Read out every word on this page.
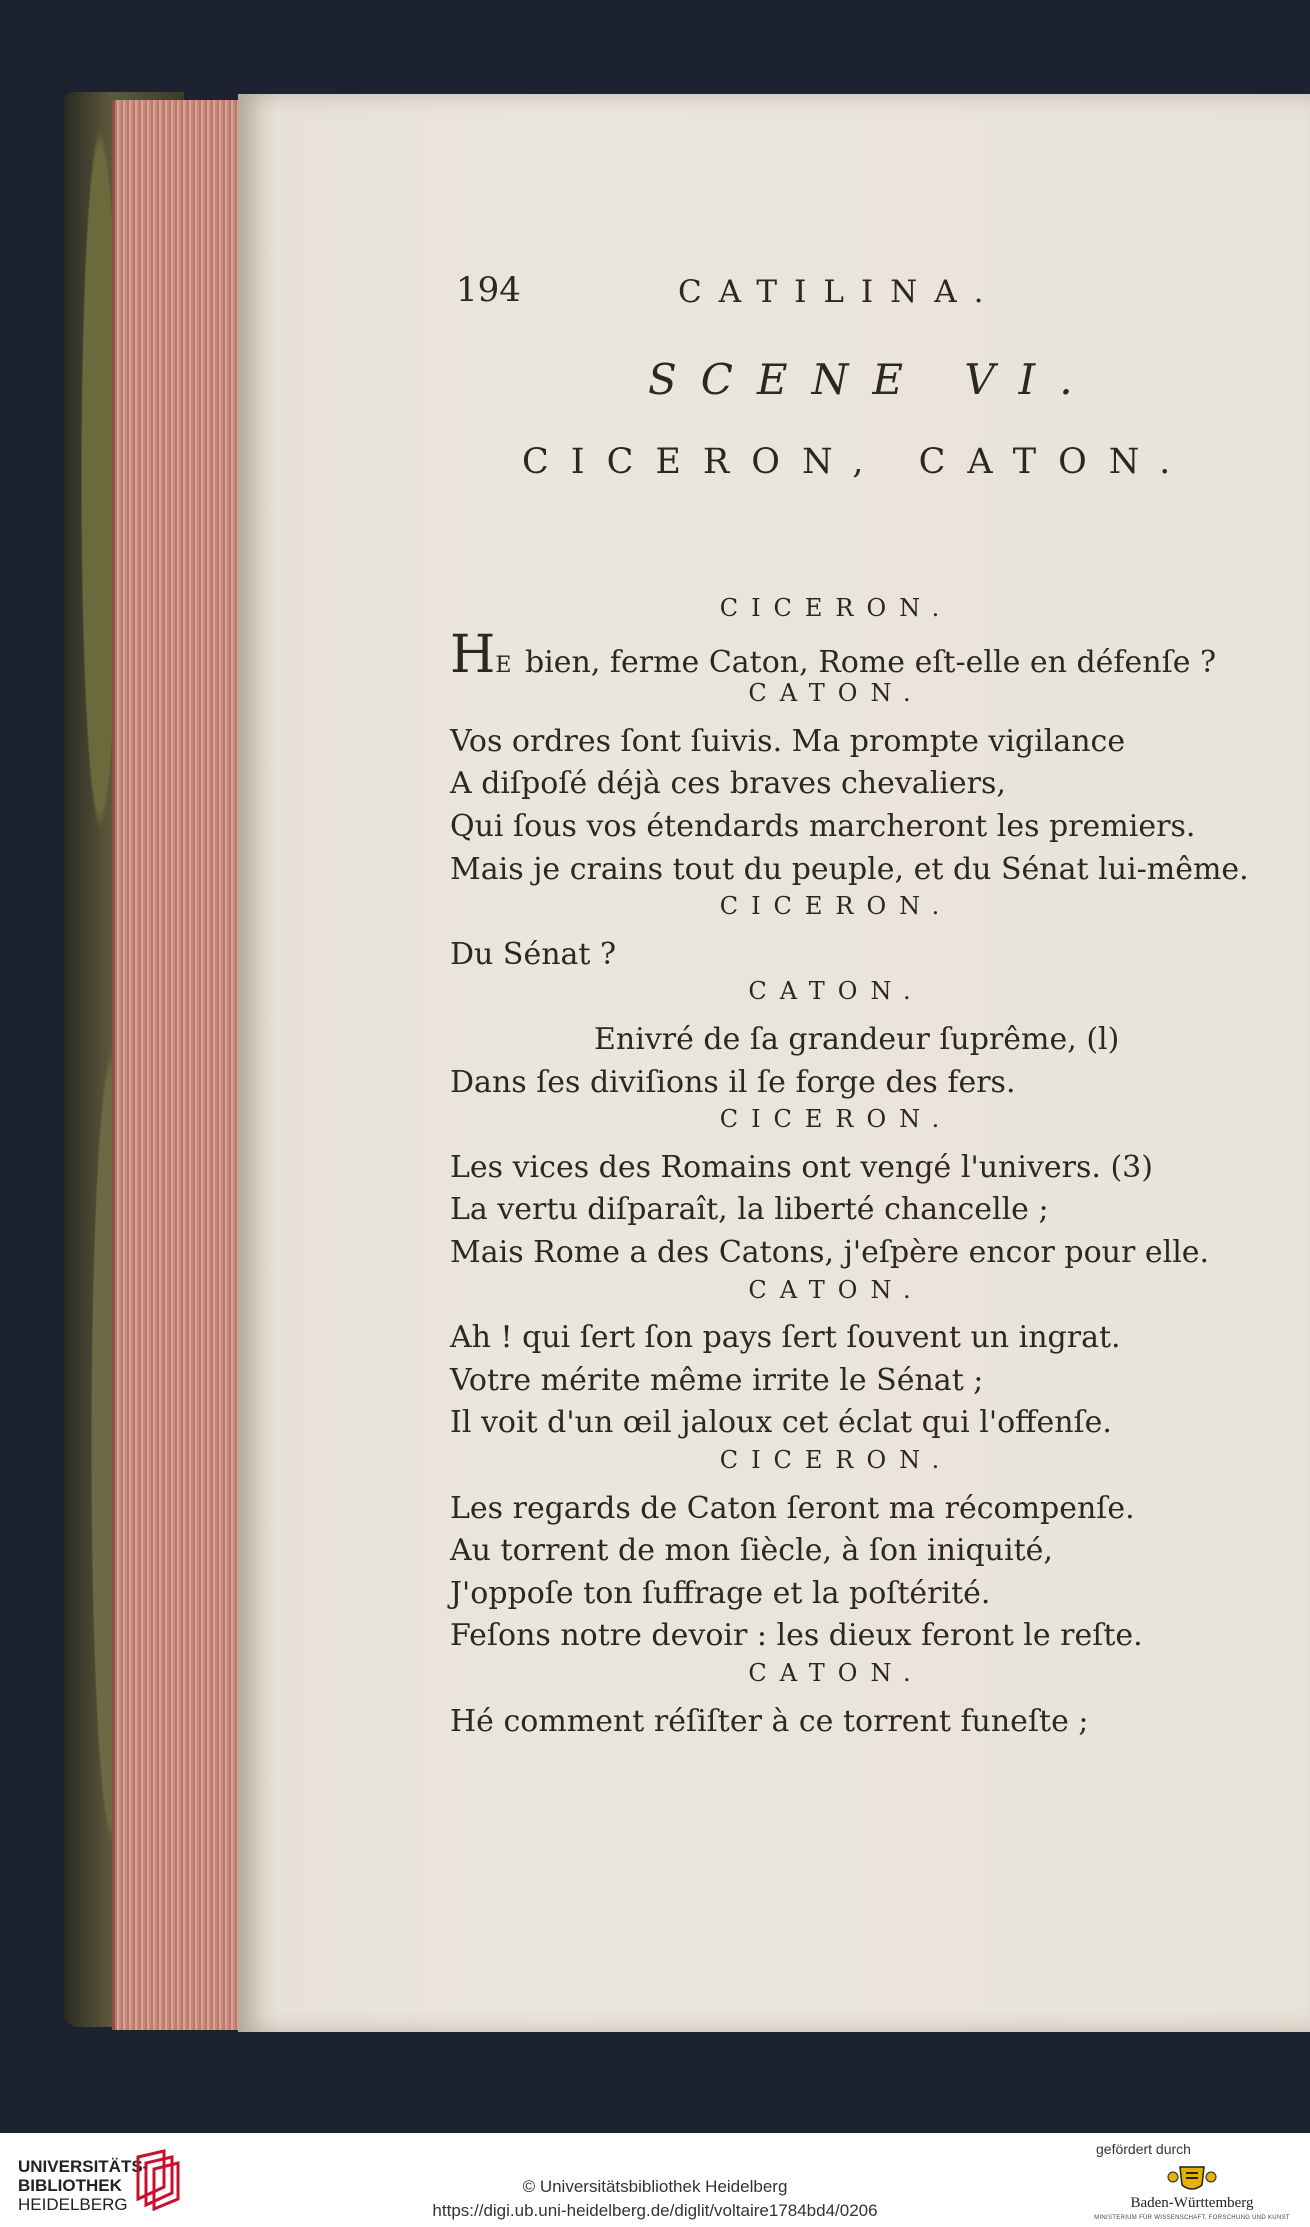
194	CATILINA.
SCENE VI.
CICERON, CATON.
CICERON.
HE bien, ferme Caton, Rome eſt-elle en défenſe ?
CATON.
Vos ordres ſont ſuivis. Ma prompte vigilance
A diſpoſé déjà ces braves chevaliers,
Qui ſous vos étendards marcheront les premiers.
Mais je crains tout du peuple, et du Sénat lui-même.
CICERON.
Du Sénat ?
CATON.
Enivré de ſa grandeur ſuprême, (l)
Dans ſes diviſions il ſe forge des fers.
CICERON.
Les vices des Romains ont vengé l'univers. (3)
La vertu diſparaît, la liberté chancelle ;
Mais Rome a des Catons, j'eſpère encor pour elle.
CATON.
Ah ! qui ſert ſon pays ſert ſouvent un ingrat.
Votre mérite même irrite le Sénat ;
Il voit d'un œil jaloux cet éclat qui l'offenſe.
CICERON.
Les regards de Caton ſeront ma récompenſe.
Au torrent de mon ſiècle, à ſon iniquité,
J'oppoſe ton ſuffrage et la poſtérité.
Feſons notre devoir : les dieux feront le reſte.
CATON.
Hé comment réſiſter à ce torrent funeſte ;
UNIVERSITÄTS-
BIBLIOTHEK
HEIDELBERG
© Universitätsbibliothek Heidelberg
https://digi.ub.uni-heidelberg.de/diglit/voltaire1784bd4/0206
gefördert durch
Baden-Württemberg
MINISTERIUM FÜR WISSENSCHAFT, FORSCHUNG UND KUNST
